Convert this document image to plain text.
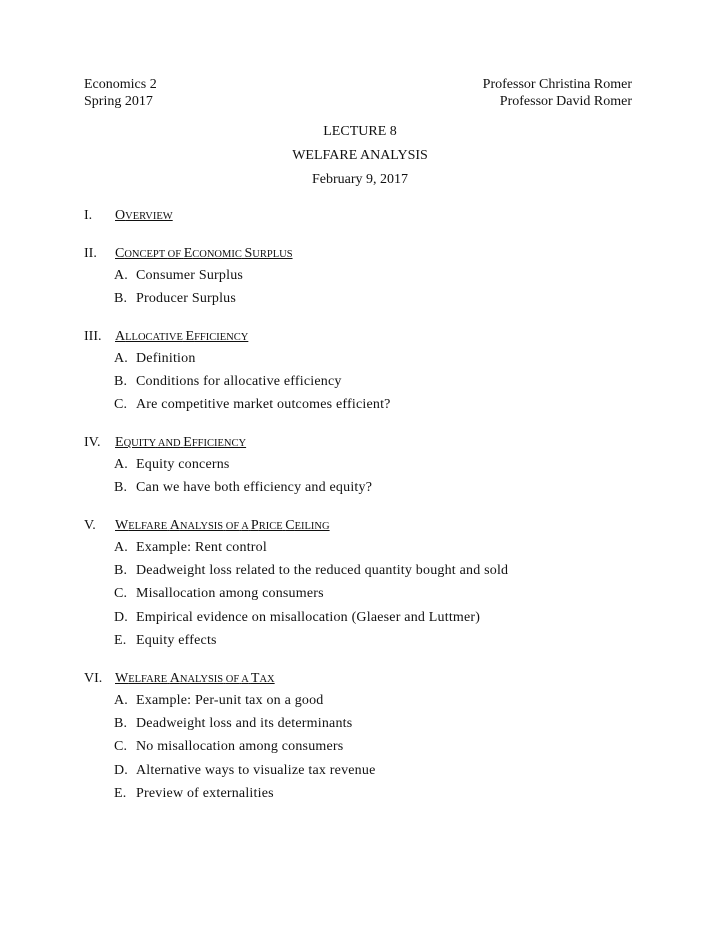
Economics 2	Professor Christina Romer
Spring 2017	Professor David Romer
LECTURE 8
WELFARE ANALYSIS
February 9, 2017
I. OVERVIEW
II. CONCEPT OF ECONOMIC SURPLUS
A. Consumer Surplus
B. Producer Surplus
III. ALLOCATIVE EFFICIENCY
A. Definition
B. Conditions for allocative efficiency
C. Are competitive market outcomes efficient?
IV. EQUITY AND EFFICIENCY
A. Equity concerns
B. Can we have both efficiency and equity?
V. WELFARE ANALYSIS OF A PRICE CEILING
A. Example: Rent control
B. Deadweight loss related to the reduced quantity bought and sold
C. Misallocation among consumers
D. Empirical evidence on misallocation (Glaeser and Luttmer)
E. Equity effects
VI. WELFARE ANALYSIS OF A TAX
A. Example: Per-unit tax on a good
B. Deadweight loss and its determinants
C. No misallocation among consumers
D. Alternative ways to visualize tax revenue
E. Preview of externalities
